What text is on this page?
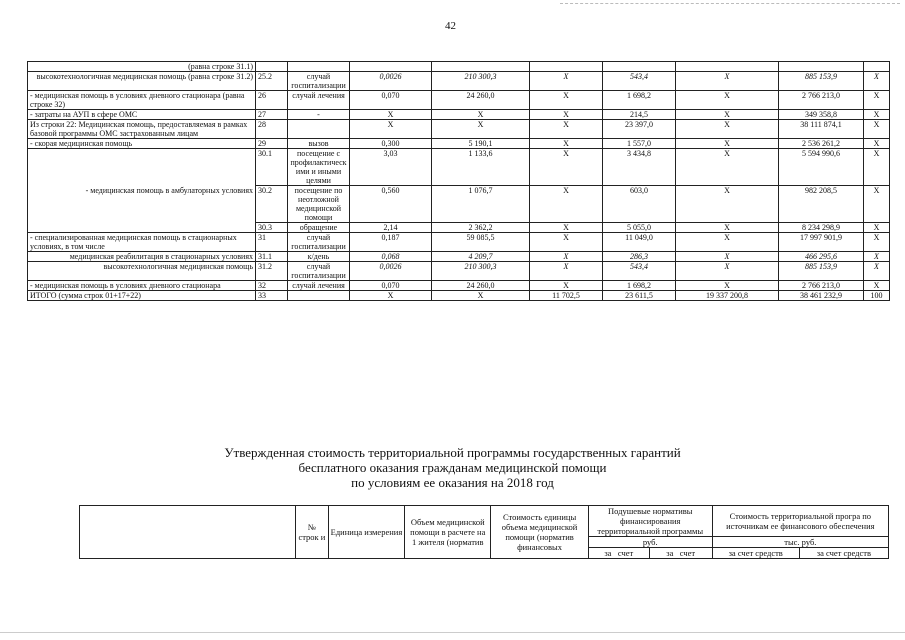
42
(равна строке 31.1)									
высокотехнологичная медицинская помощь (равна строке 31.2)	25.2	случай госпитализации	0,0026	210 300,3	X	543,4	X	885 153,9	X
- медицинская помощь в условиях дневного стационара (равна строке 32)	26	случай лечения	0,070	24 260,0	X	1 698,2	X	2 766 213,0	X
- затраты на АУП в сфере ОМС	27	-	X	X	X	214,5	X	349 358,8	X
Из строки 22: Медицинская помощь, предоставляемая в рамках базовой программы ОМС застрахованным лицам	28		X	X	X	23 397,0	X	38 111 874,1	X
- скорая медицинская помощь	29	вызов	0,300	5 190,1	X	1 557,0	X	2 536 261,2	X
- медицинская помощь в амбулаторных условиях	30.1	посещение с профилактическ ими и иными целями	3,03	1 133,6	X	3 434,8	X	5 594 990,6	X
	30.2	посещение по неотложной медицинской помощи	0,560	1 076,7	X	603,0	X	982 208,5	X
	30.3	обращение	2,14	2 362,2	X	5 055,0	X	8 234 298,9	X
- специализированная медицинская помощь в стационарных условиях, в том числе	31	случай госпитализации	0,187	59 085,5	X	11 049,0	X	17 997 901,9	X
медицинская реабилитация в стационарных условиях	31.1	к/день	0,068	4 209,7	X	286,3	X	466 295,6	X
высокотехнологичная медицинская помощь	31.2	случай госпитализации	0,0026	210 300,3	X	543,4	X	885 153,9	X
- медицинская помощь в условиях дневного стационара	32	случай лечения	0,070	24 260,0	X	1 698,2	X	2 766 213,0	X
ИТОГО (сумма строк 01+17+22)	33		X	X	11 702,5	23 611,5	19 337 200,8	38 461 232,9	100
Утвержденная стоимость территориальной программы государственных гарантий
бесплатного оказания гражданам медицинской помощи
по условиям ее оказания на 2018 год
	№ строк и	Единица измерения	Объем медицинской помощи в расчете на 1 жителя (норматив	Стоимость единицы объема медицинской помощи (норматив финансовых	Подушевые нормативы финансирования территориальной программы		Стоимость территориальной програ по источникам ее финансового обеспечения	
					руб.		тыс. руб.	
					за счет	за счет	за счет средств	за счет средств
